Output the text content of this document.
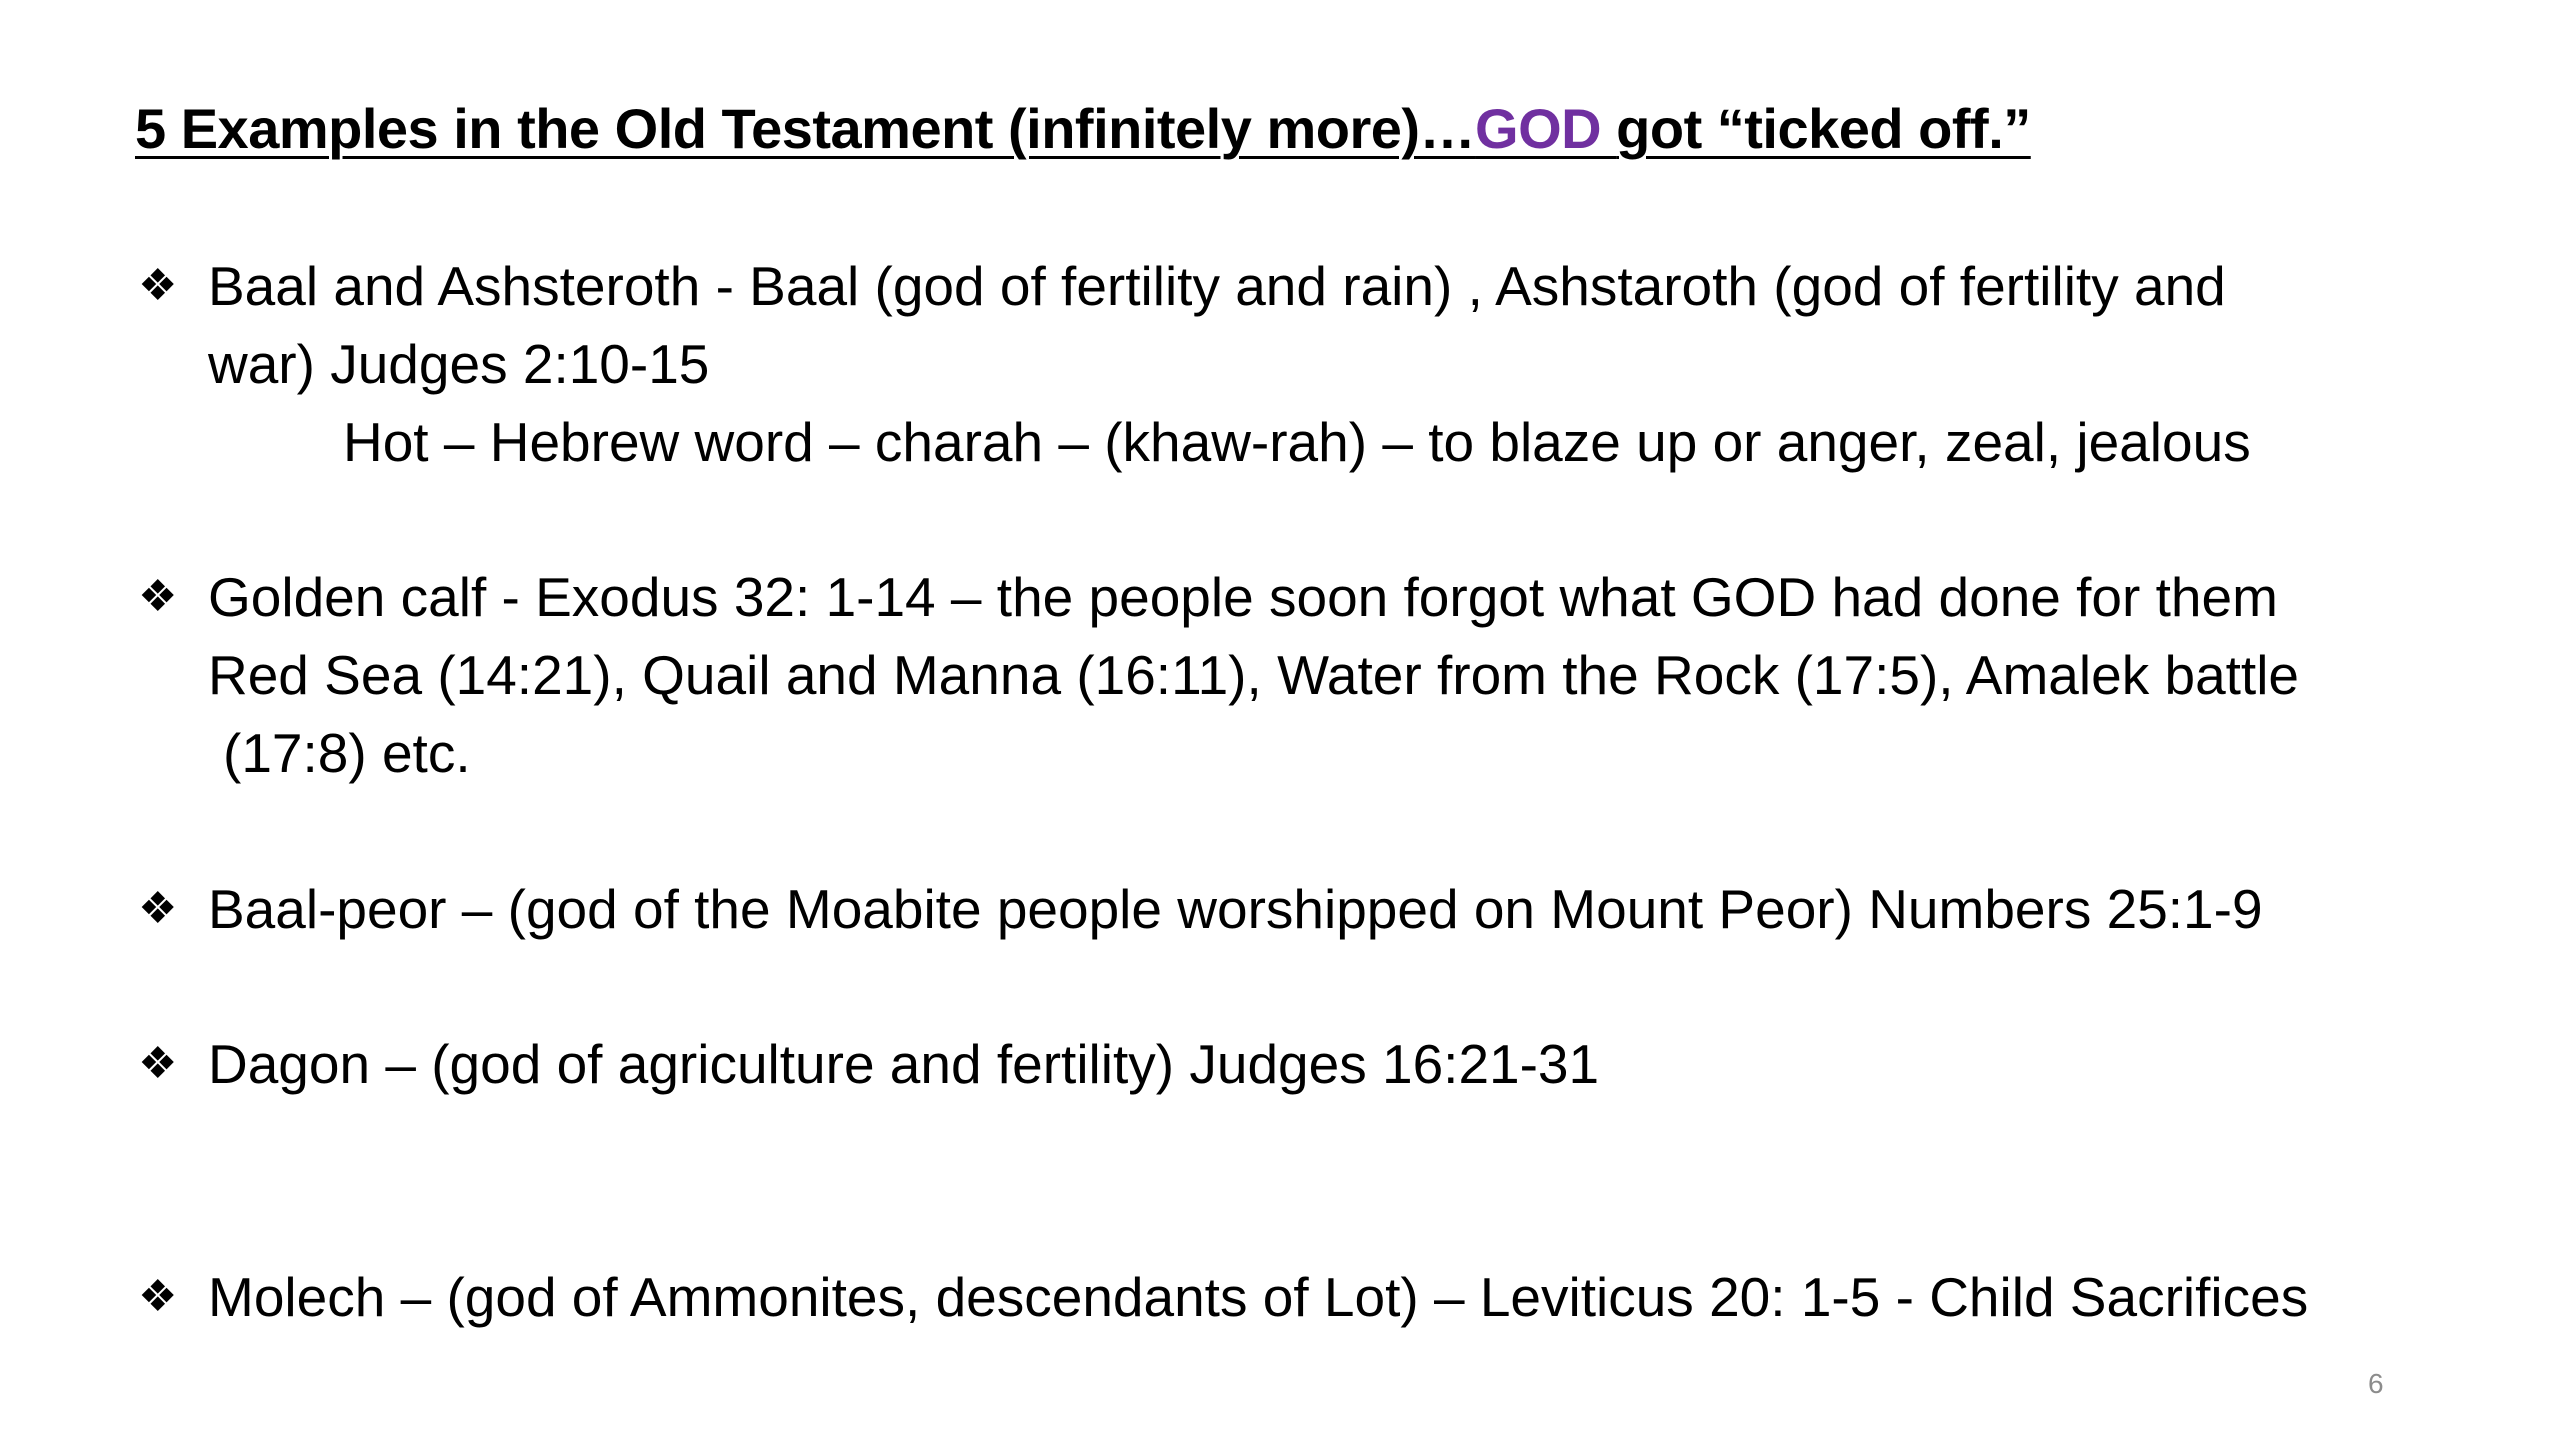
5 Examples in the Old Testament (infinitely more)…GOD got “ticked off.”
❖ Baal and Ashsteroth - Baal (god of fertility and rain) , Ashstaroth (god of fertility and
war) Judges 2:10-15
Hot – Hebrew word – charah – (khaw-rah) – to blaze up or anger, zeal, jealous
❖ Golden calf - Exodus 32: 1-14 – the people soon forgot what GOD had done for them
Red Sea (14:21), Quail and Manna (16:11), Water from the Rock (17:5), Amalek battle
(17:8) etc.
❖ Baal-peor – (god of the Moabite people worshipped on Mount Peor) Numbers 25:1-9
❖ Dagon – (god of agriculture and fertility) Judges 16:21-31
❖ Molech – (god of Ammonites, descendants of Lot) – Leviticus 20: 1-5 - Child Sacrifices
6
